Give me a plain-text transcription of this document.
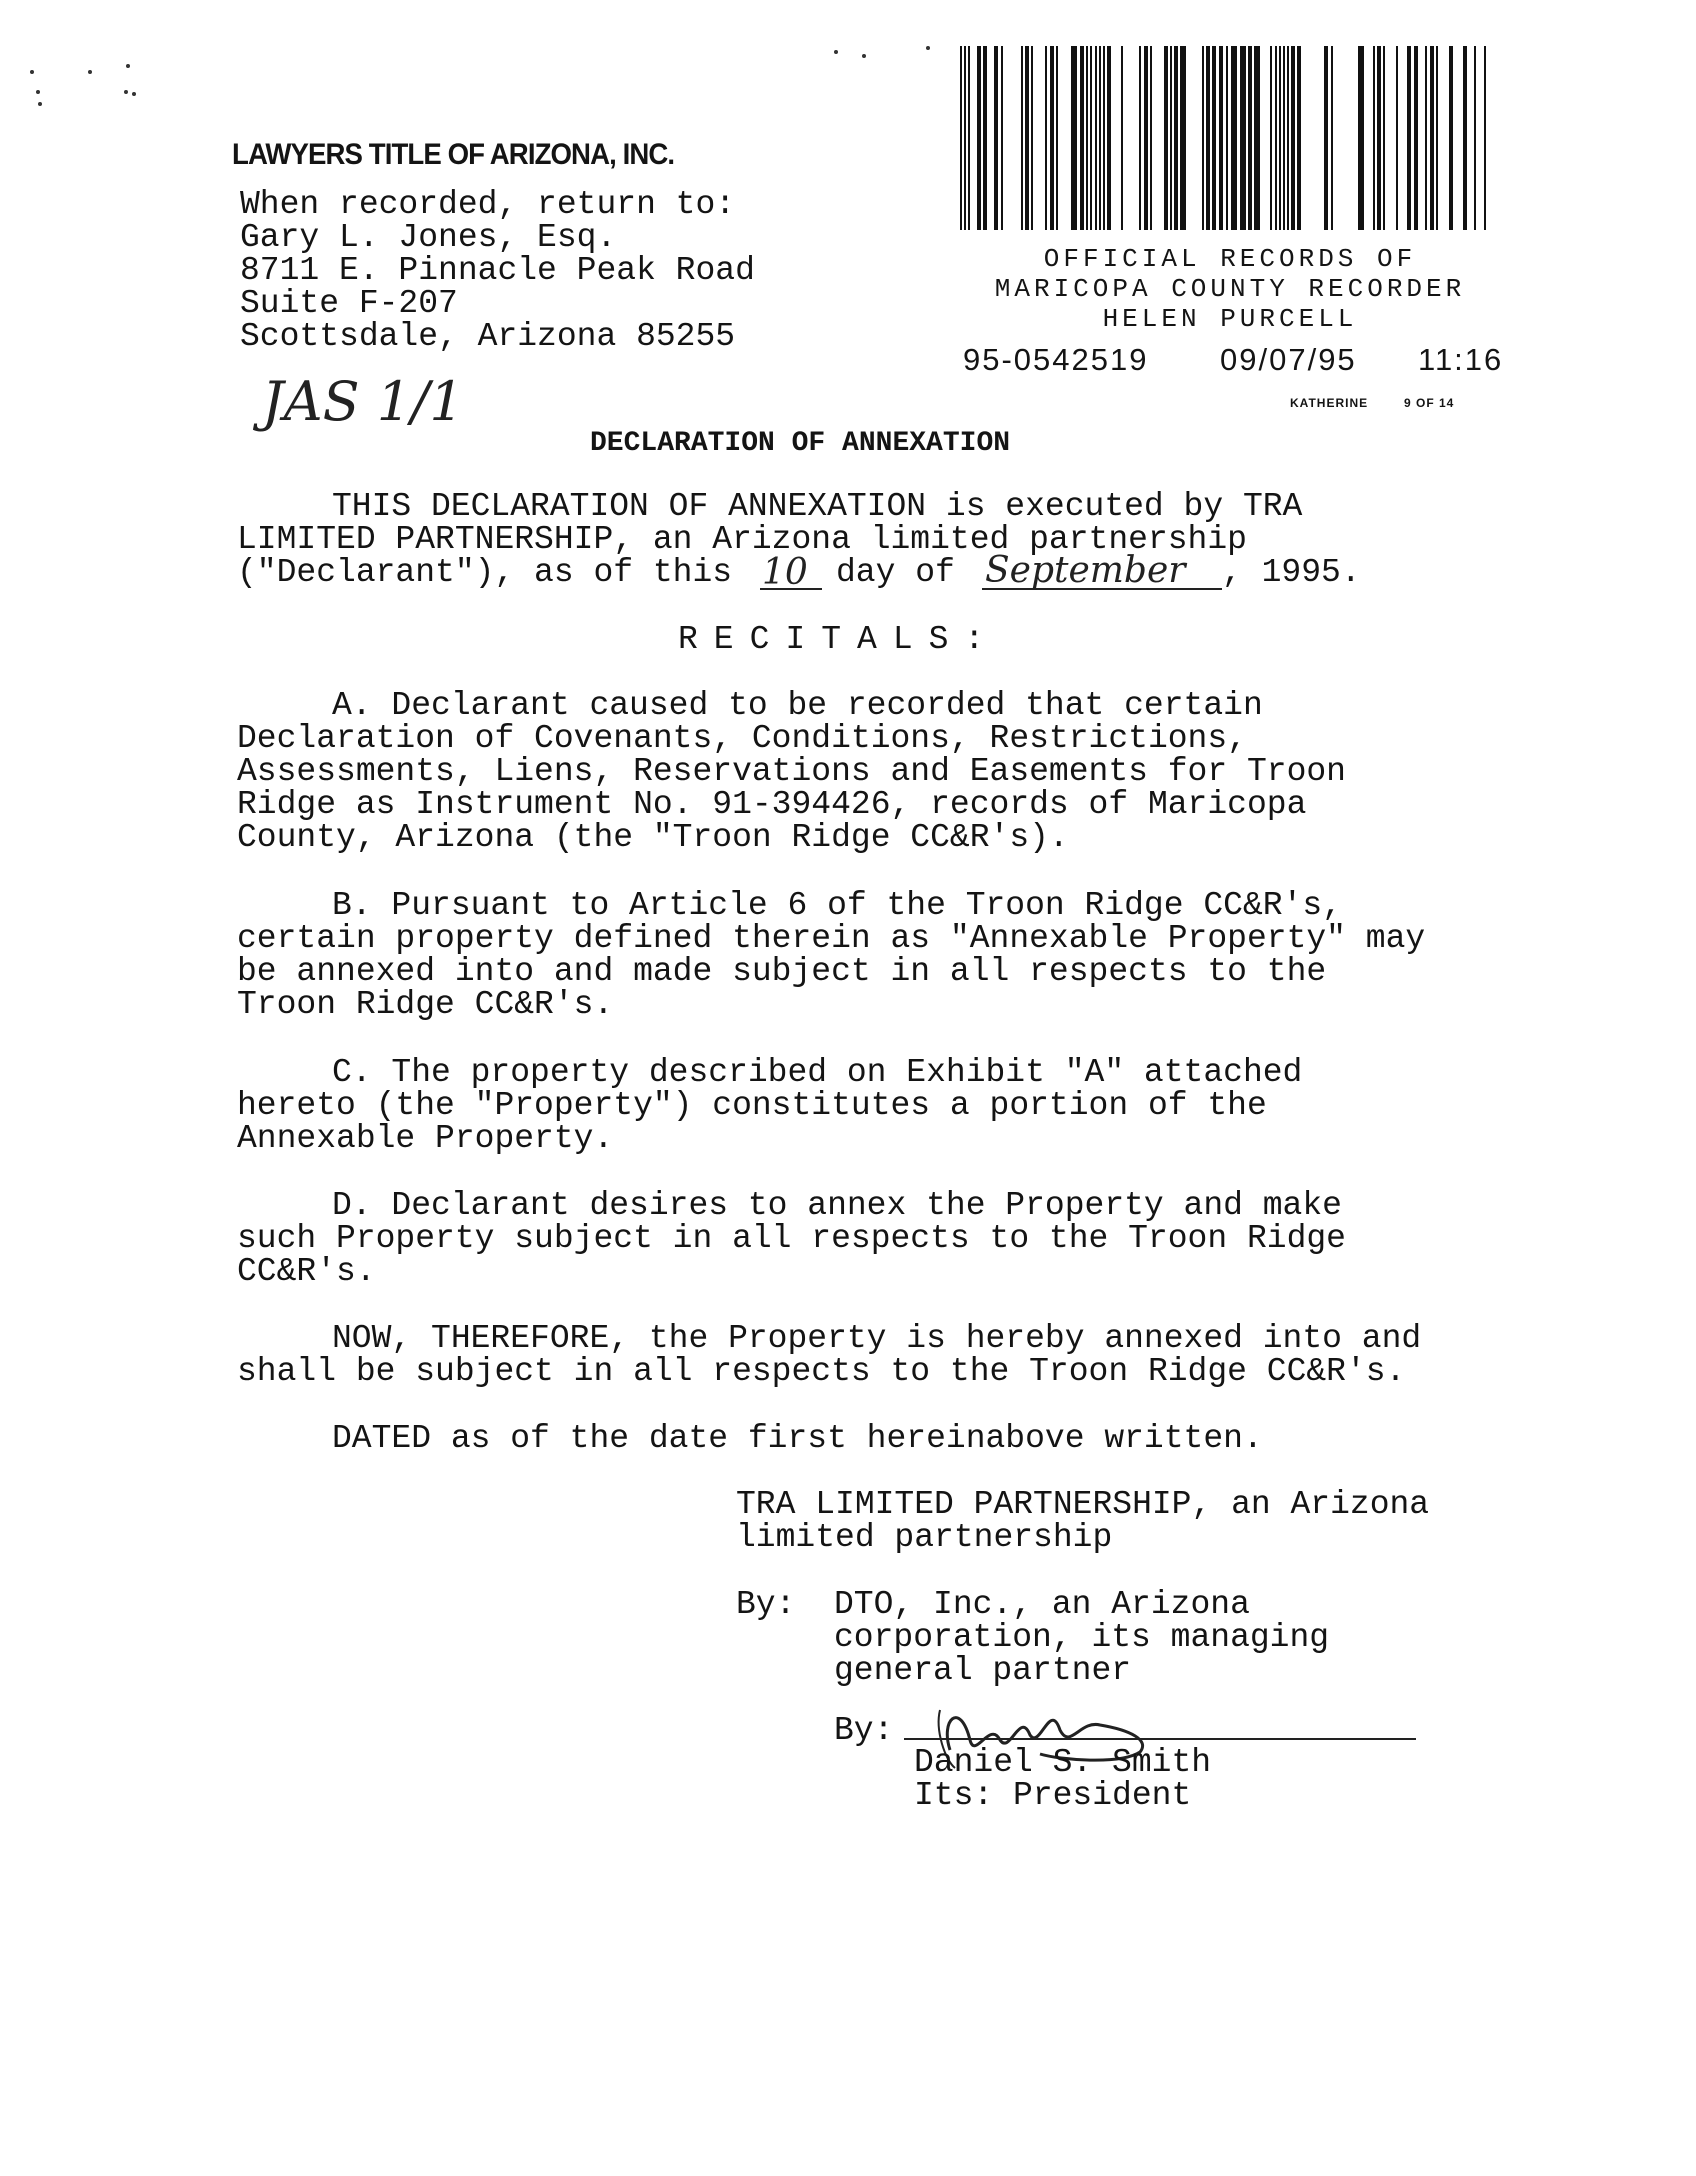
LAWYERS TITLE OF ARIZONA, INC.
When recorded, return to:
Gary L. Jones, Esq.
8711 E. Pinnacle Peak Road
Suite F-207
Scottsdale, Arizona 85255
OFFICIAL RECORDS OF
MARICOPA COUNTY RECORDER
HELEN PURCELL
95-0542519 09/07/95 11:16
KATHERINE	9 OF 14
JAS 1/1
DECLARATION OF ANNEXATION
THIS DECLARATION OF ANNEXATION is executed by TRA
LIMITED PARTNERSHIP, an Arizona limited partnership
("Declarant"), as of this 10 day of September , 1995.
RECITALS:
A. Declarant caused to be recorded that certain
Declaration of Covenants, Conditions, Restrictions,
Assessments, Liens, Reservations and Easements for Troon
Ridge as Instrument No. 91-394426, records of Maricopa
County, Arizona (the "Troon Ridge CC&R's).
B. Pursuant to Article 6 of the Troon Ridge CC&R's,
certain property defined therein as "Annexable Property" may
be annexed into and made subject in all respects to the
Troon Ridge CC&R's.
C. The property described on Exhibit "A" attached
hereto (the "Property") constitutes a portion of the
Annexable Property.
D. Declarant desires to annex the Property and make
such Property subject in all respects to the Troon Ridge
CC&R's.
NOW, THEREFORE, the Property is hereby annexed into and
shall be subject in all respects to the Troon Ridge CC&R's.
DATED as of the date first hereinabove written.
TRA LIMITED PARTNERSHIP, an Arizona
limited partnership
By: DTO, Inc., an Arizona
corporation, its managing
general partner
By:
Daniel S. Smith
Its: President
